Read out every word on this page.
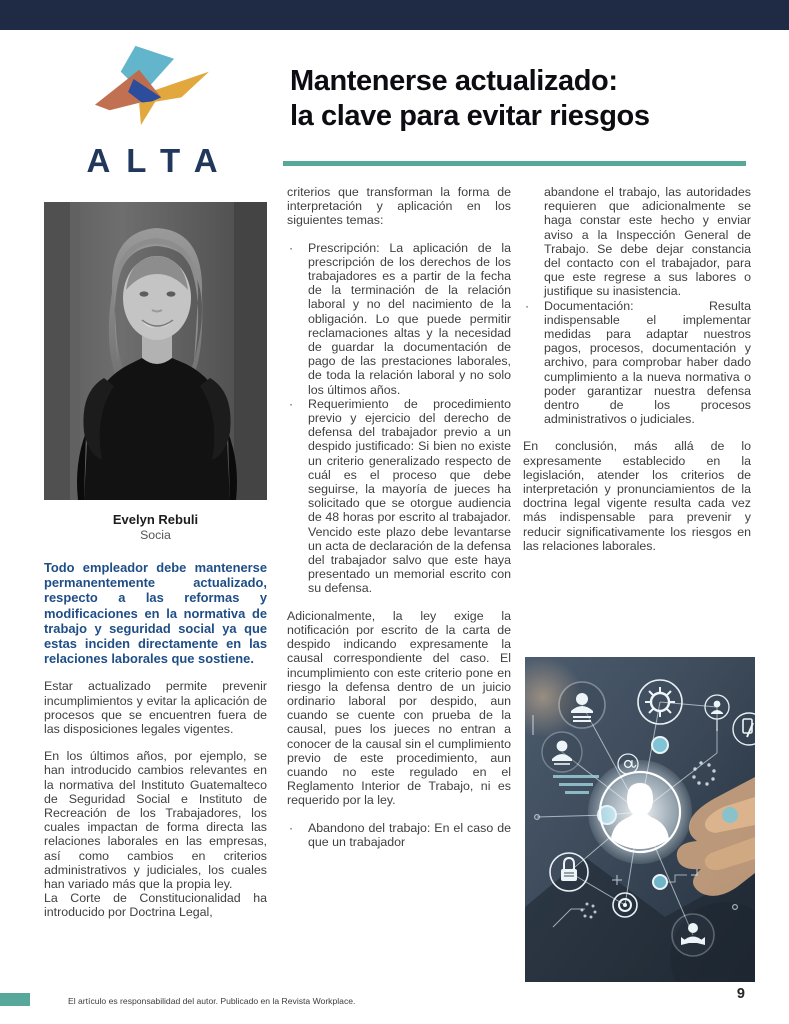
ALTA
Mantenerse actualizado:
la clave para evitar riesgos
Evelyn Rebuli
Socia

Todo empleador debe mantenerse permanentemente actualizado, respecto a las reformas y modificaciones en la normativa de trabajo y seguridad social ya que estas inciden directamente en las relaciones laborales que sostiene.

Estar actualizado permite prevenir incumplimientos y evitar la aplicación de procesos que se encuentren fuera de las disposiciones legales vigentes.

En los últimos años, por ejemplo, se han introducido cambios relevantes en la normativa del Instituto Guatemalteco de Seguridad Social e Instituto de Recreación de los Trabajadores, los cuales impactan de forma directa las relaciones laborales en las empresas, así como cambios en criterios administrativos y judiciales, los cuales han variado más que la propia ley.

La Corte de Constitucionalidad ha introducido por Doctrina Legal,

criterios que transforman la forma de interpretación y aplicación en los siguientes temas:

· Prescripción: La aplicación de la prescripción de los derechos de los trabajadores es a partir de la fecha de la terminación de la relación laboral y no del nacimiento de la obligación. Lo que puede permitir reclamaciones altas y la necesidad de guardar la documentación de pago de las prestaciones laborales, de toda la relación laboral y no solo los últimos años.
· Requerimiento de procedimiento previo y ejercicio del derecho de defensa del trabajador previo a un despido justificado: Si bien no existe un criterio generalizado respecto de cuál es el proceso que debe seguirse, la mayoría de jueces ha solicitado que se otorgue audiencia de 48 horas por escrito al trabajador. Vencido este plazo debe levantarse un acta de declaración de la defensa del trabajador salvo que este haya presentado un memorial escrito con su defensa.

Adicionalmente, la ley exige la notificación por escrito de la carta de despido indicando expresamente la causal correspondiente del caso. El incumplimiento con este criterio pone en riesgo la defensa dentro de un juicio ordinario laboral por despido, aun cuando se cuente con prueba de la causal, pues los jueces no entran a conocer de la causal sin el cumplimiento previo de este procedimiento, aun cuando no este regulado en el Reglamento Interior de Trabajo, ni es requerido por la ley.

· Abandono del trabajo: En el caso de que un trabajador
abandone el trabajo, las autoridades requieren que adicionalmente se haga constar este hecho y enviar aviso a la Inspección General de Trabajo. Se debe dejar constancia del contacto con el trabajador, para que este regrese a sus labores o justifique su inasistencia.
· Documentación: Resulta indispensable el implementar medidas para adaptar nuestros pagos, procesos, documentación y archivo, para comprobar haber dado cumplimiento a la nueva normativa o poder garantizar nuestra defensa dentro de los procesos administrativos o judiciales.

En conclusión, más allá de lo expresamente establecido en la legislación, atender los criterios de interpretación y pronunciamientos de la doctrina legal vigente resulta cada vez más indispensable para prevenir y reducir significativamente los riesgos en las relaciones laborales.

El artículo es responsabilidad del autor. Publicado en la Revista Workplace.	9
